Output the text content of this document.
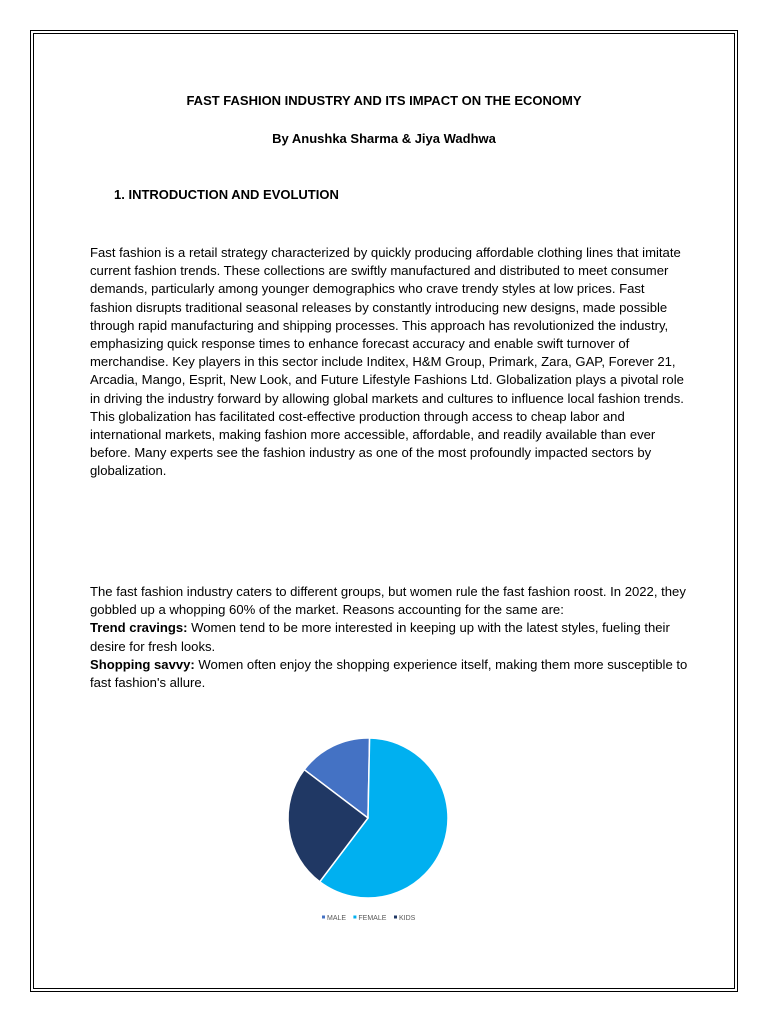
FAST FASHION INDUSTRY AND ITS IMPACT ON THE ECONOMY
By Anushka Sharma & Jiya Wadhwa
1. INTRODUCTION AND EVOLUTION

Fast fashion is a retail strategy characterized by quickly producing affordable clothing lines that imitate current fashion trends. These collections are swiftly manufactured and distributed to meet consumer demands, particularly among younger demographics who crave trendy styles at low prices. Fast fashion disrupts traditional seasonal releases by constantly introducing new designs, made possible through rapid manufacturing and shipping processes. This approach has revolutionized the industry, emphasizing quick response times to enhance forecast accuracy and enable swift turnover of merchandise. Key players in this sector include Inditex, H&M Group, Primark, Zara, GAP, Forever 21, Arcadia, Mango, Esprit, New Look, and Future Lifestyle Fashions Ltd. Globalization plays a pivotal role in driving the industry forward by allowing global markets and cultures to influence local fashion trends. This globalization has facilitated cost-effective production through access to cheap labor and international markets, making fashion more accessible, affordable, and readily available than ever before. Many experts see the fashion industry as one of the most profoundly impacted sectors by globalization.

The fast fashion industry caters to different groups, but women rule the fast fashion roost. In 2022, they gobbled up a whopping 60% of the market. Reasons accounting for the same are:
Trend cravings: Women tend to be more interested in keeping up with the latest styles, fueling their desire for fresh looks.
Shopping savvy: Women often enjoy the shopping experience itself, making them more susceptible to fast fashion's allure.
MALE FEMALE KIDS
